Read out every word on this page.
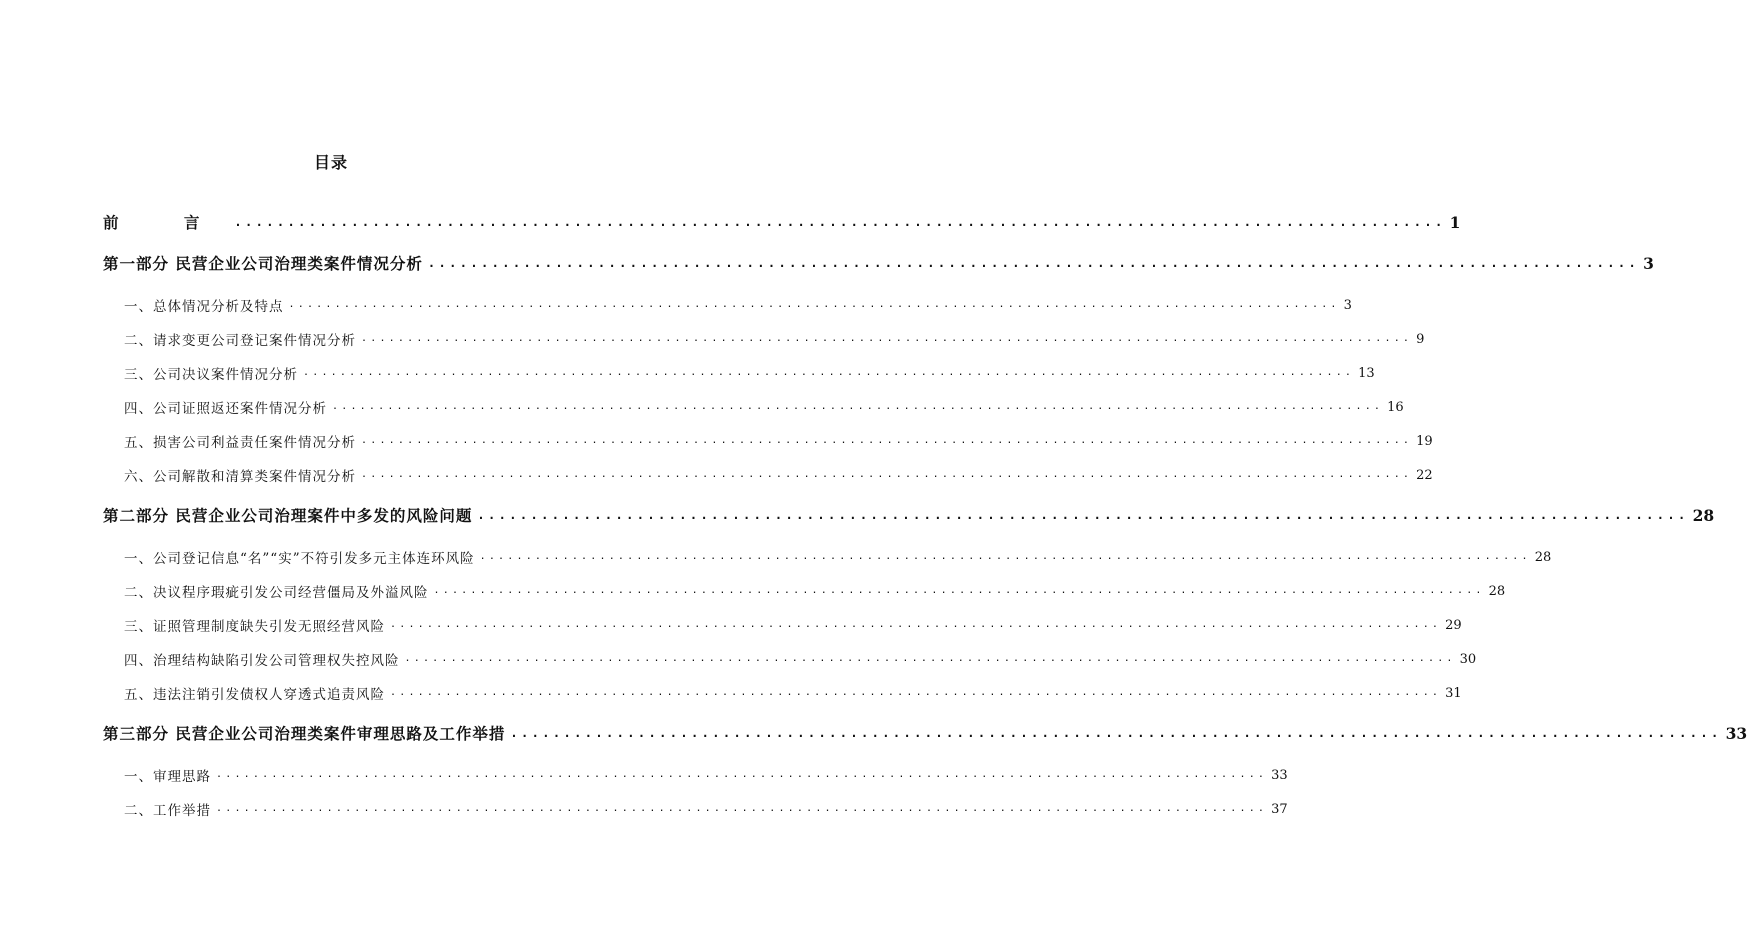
目录
前 言 .................................................................................................................. 1
第一部分 民营企业公司治理类案件情况分析 .................................................................................................................. 3
一、总体情况分析及特点 .................................................................................................................. 3
二、请求变更公司登记案件情况分析 .................................................................................................................. 9
三、公司决议案件情况分析 .................................................................................................................. 13
四、公司证照返还案件情况分析 .................................................................................................................. 16
五、损害公司利益责任案件情况分析 .................................................................................................................. 19
六、公司解散和清算类案件情况分析 .................................................................................................................. 22
第二部分 民营企业公司治理案件中多发的风险问题 .................................................................................................................. 28
一、公司登记信息“名”“实”不符引发多元主体连环风险 .................................................................................................................. 28
二、决议程序瑕疵引发公司经营僵局及外溢风险 .................................................................................................................. 28
三、证照管理制度缺失引发无照经营风险 .................................................................................................................. 29
四、治理结构缺陷引发公司管理权失控风险 .................................................................................................................. 30
五、违法注销引发债权人穿透式追责风险 .................................................................................................................. 31
第三部分 民营企业公司治理类案件审理思路及工作举措 .................................................................................................................. 33
一、审理思路 .................................................................................................................. 33
二、工作举措 .................................................................................................................. 37
